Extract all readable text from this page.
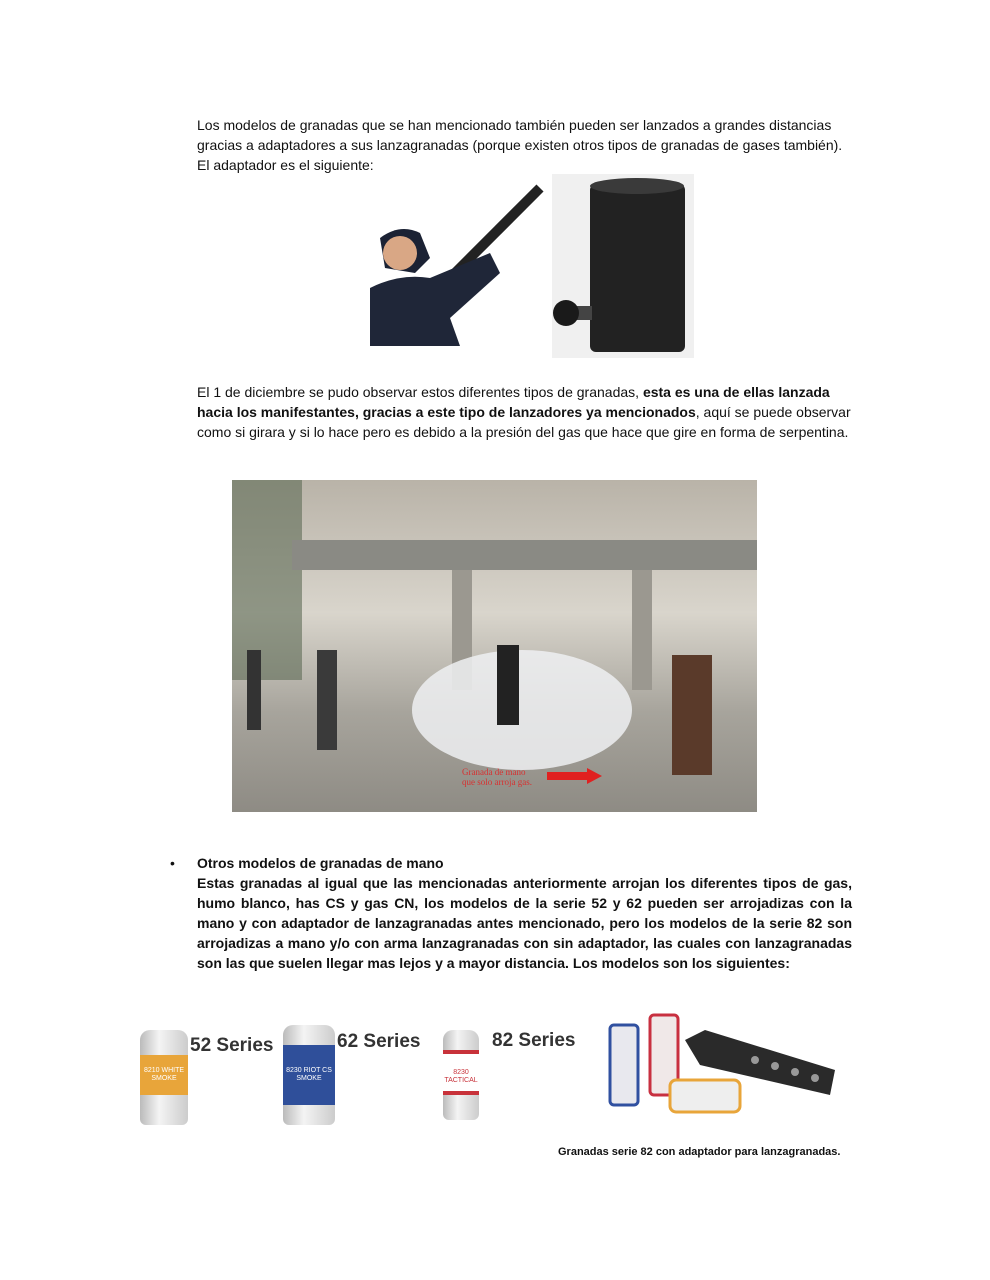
Los modelos de granadas que se han mencionado también pueden ser lanzados a grandes distancias gracias a adaptadores a sus lanzagranadas (porque existen otros tipos de granadas de gases también). El adaptador es el siguiente:
El 1 de diciembre se pudo observar estos diferentes tipos de granadas, esta es una de ellas lanzada hacia los manifestantes, gracias a este tipo de lanzadores ya mencionados, aquí se puede observar como si girara y si lo hace pero es debido a la presión del gas que hace que gire en forma de serpentina.
Granada de mano
que solo arroja gas.
• Otros modelos de granadas de mano
Estas granadas al igual que las mencionadas anteriormente arrojan los diferentes tipos de gas, humo blanco, has CS y gas CN, los modelos de la serie 52 y 62 pueden ser arrojadizas con la mano y con adaptador de lanzagranadas antes mencionado, pero los modelos de la serie 82 son arrojadizas a mano y/o con arma lanzagranadas con sin adaptador, las cuales con lanzagranadas son las que suelen llegar mas lejos y a mayor distancia. Los modelos son los siguientes:
8210 WHITE SMOKE
52 Series
8230 RIOT CS SMOKE
62 Series
8230 TACTICAL
82 Series
Granadas serie 82 con adaptador para lanzagranadas.
